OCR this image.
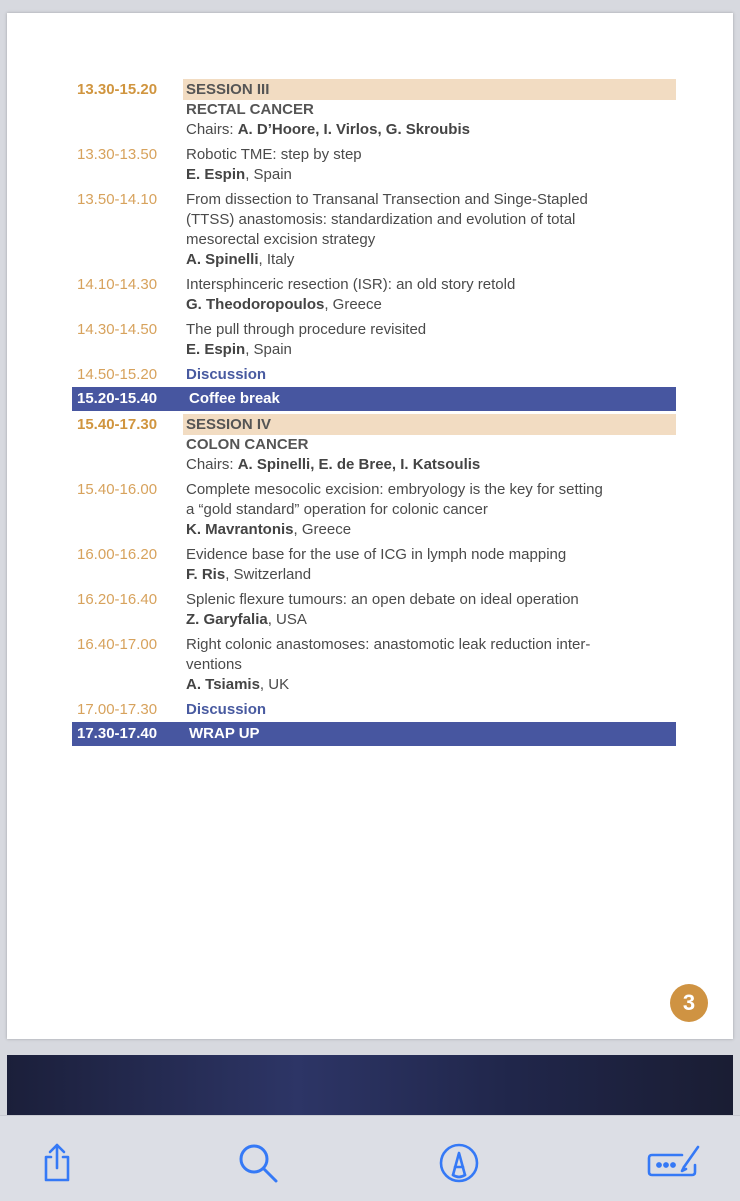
3
13.30-15.20	SESSION III
RECTAL CANCER
Chairs: A. D’Hoore, I. Virlos, G. Skroubis
13.30-13.50	Robotic TME: step by step
E. Espin, Spain
13.50-14.10	From dissection to Transanal Transection and Singe-Stapled
(TTSS) anastomosis: standardization and evolution of total
mesorectal excision strategy
A. Spinelli, Italy
14.10-14.30	Intersphinceric resection (ISR): an old story retold
G. Theodoropoulos, Greece
14.30-14.50	The pull through procedure revisited
E. Espin, Spain
14.50-15.20	Discussion
15.20-15.40 Coffee break
15.40-17.30	SESSION IV
COLON CANCER
Chairs: A. Spinelli, E. de Bree, I. Katsoulis
15.40-16.00	Complete mesocolic excision: embryology is the key for setting
a “gold standard” operation for colonic cancer
K. Mavrantonis, Greece
16.00-16.20	Evidence base for the use of ICG in lymph node mapping
F. Ris, Switzerland
16.20-16.40	Splenic flexure tumours: an open debate on ideal operation
Z. Garyfalia, USA
16.40-17.00	Right colonic anastomoses: anastomotic leak reduction inter-
ventions
A. Tsiamis, UK
17.00-17.30	Discussion
17.30-17.40 WRAP UP
